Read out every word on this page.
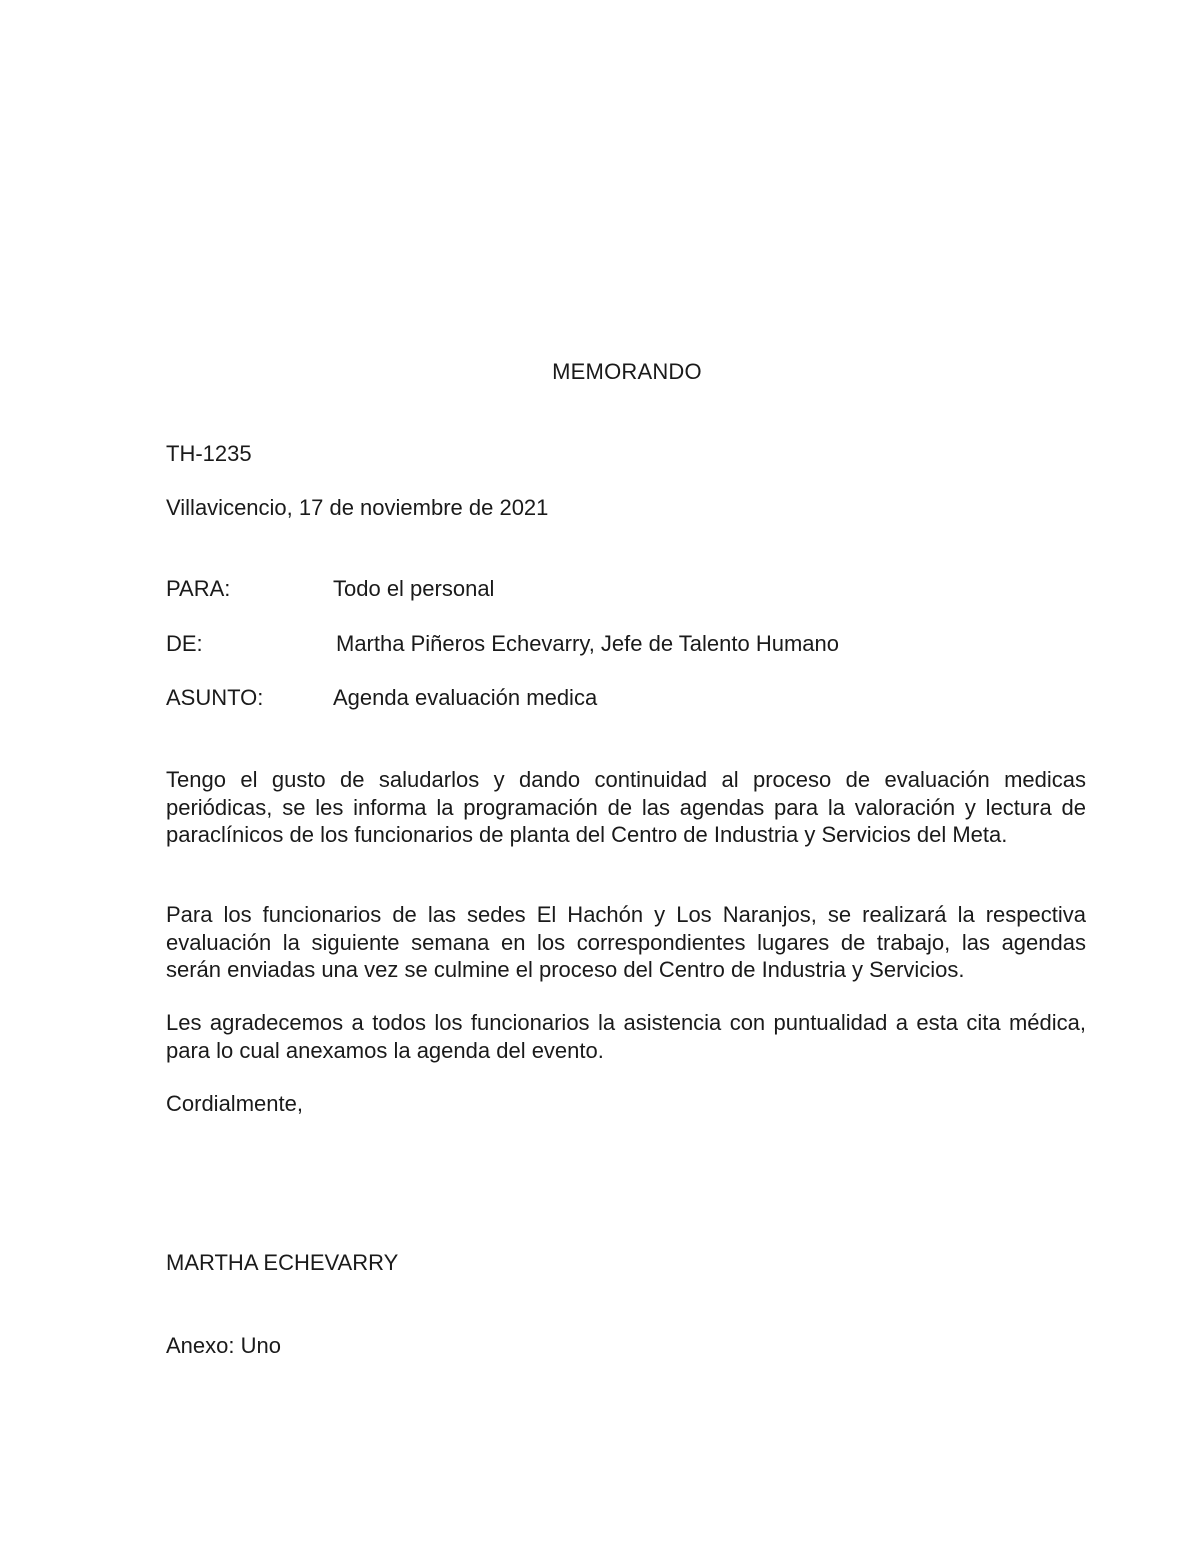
MEMORANDO
TH-1235
Villavicencio, 17 de noviembre de 2021
PARA:	Todo el personal
DE:	Martha Piñeros Echevarry, Jefe de Talento Humano
ASUNTO:	Agenda evaluación medica
Tengo el gusto de saludarlos y dando continuidad al proceso de evaluación medicas periódicas, se les informa la programación de las agendas para la valoración y lectura de paraclínicos de los funcionarios de planta del Centro de Industria y Servicios del Meta.
Para los funcionarios de las sedes El Hachón y Los Naranjos, se realizará la respectiva evaluación la siguiente semana en los correspondientes lugares de trabajo, las agendas serán enviadas una vez se culmine el proceso del Centro de Industria y Servicios.
Les agradecemos a todos los funcionarios la asistencia con puntualidad a esta cita médica, para lo cual anexamos la agenda del evento.
Cordialmente,
MARTHA ECHEVARRY
Anexo: Uno
